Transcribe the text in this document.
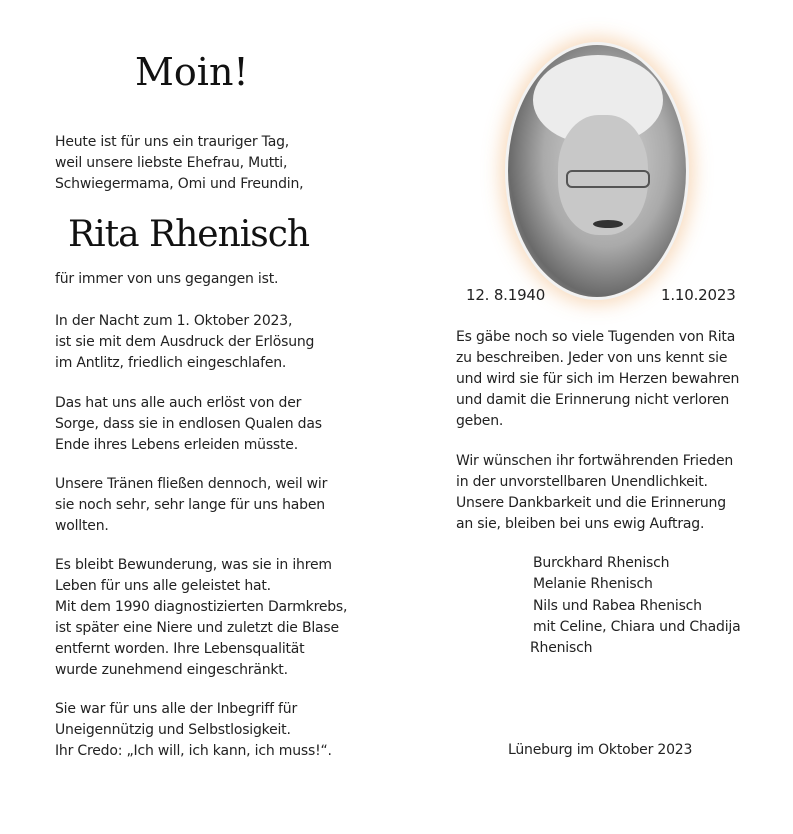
Moin!
Heute ist für uns ein trauriger Tag,
weil unsere liebste Ehefrau, Mutti,
Schwiegermama, Omi und Freundin,
Rita Rhenisch
für immer von uns gegangen ist.
In der Nacht zum 1. Oktober 2023,
ist sie mit dem Ausdruck der Erlösung
im Antlitz, friedlich eingeschlafen.
Das hat uns alle auch erlöst von der
Sorge, dass sie in endlosen Qualen das
Ende ihres Lebens erleiden müsste.
Unsere Tränen fließen dennoch, weil wir
sie noch sehr, sehr lange für uns haben
wollten.
Es bleibt Bewunderung, was sie in ihrem
Leben für uns alle geleistet hat.
Mit dem 1990 diagnostizierten Darmkrebs,
ist später eine Niere und zuletzt die Blase
entfernt worden. Ihre Lebensqualität
wurde zunehmend eingeschränkt.
Sie war für uns alle der Inbegriff für
Uneigennützig und Selbstlosigkeit.
Ihr Credo: „Ich will, ich kann, ich muss!“.
12. 8.1940	1.10.2023
Es gäbe noch so viele Tugenden von Rita
zu beschreiben. Jeder von uns kennt sie
und wird sie für sich im Herzen bewahren
und damit die Erinnerung nicht verloren
geben.
Wir wünschen ihr fortwährenden Frieden
in der unvorstellbaren Unendlichkeit.
Unsere Dankbarkeit und die Erinnerung
an sie, bleiben bei uns ewig Auftrag.
Burckhard Rhenisch
Melanie Rhenisch
Nils und Rabea Rhenisch
mit Celine, Chiara und Chadija
Rhenisch
Lüneburg im Oktober 2023
